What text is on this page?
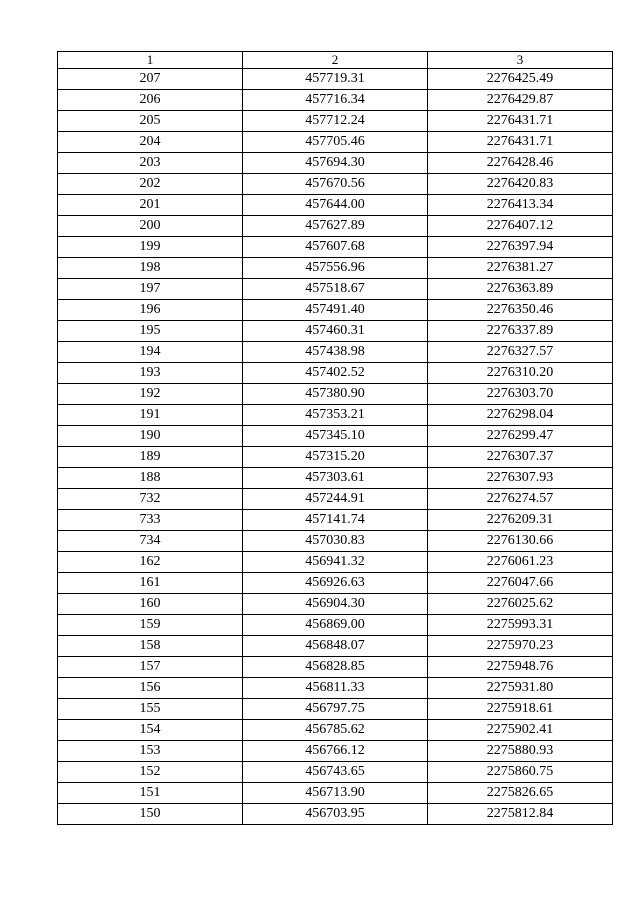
1	2	3
207	457719.31	2276425.49
206	457716.34	2276429.87
205	457712.24	2276431.71
204	457705.46	2276431.71
203	457694.30	2276428.46
202	457670.56	2276420.83
201	457644.00	2276413.34
200	457627.89	2276407.12
199	457607.68	2276397.94
198	457556.96	2276381.27
197	457518.67	2276363.89
196	457491.40	2276350.46
195	457460.31	2276337.89
194	457438.98	2276327.57
193	457402.52	2276310.20
192	457380.90	2276303.70
191	457353.21	2276298.04
190	457345.10	2276299.47
189	457315.20	2276307.37
188	457303.61	2276307.93
732	457244.91	2276274.57
733	457141.74	2276209.31
734	457030.83	2276130.66
162	456941.32	2276061.23
161	456926.63	2276047.66
160	456904.30	2276025.62
159	456869.00	2275993.31
158	456848.07	2275970.23
157	456828.85	2275948.76
156	456811.33	2275931.80
155	456797.75	2275918.61
154	456785.62	2275902.41
153	456766.12	2275880.93
152	456743.65	2275860.75
151	456713.90	2275826.65
150	456703.95	2275812.84
